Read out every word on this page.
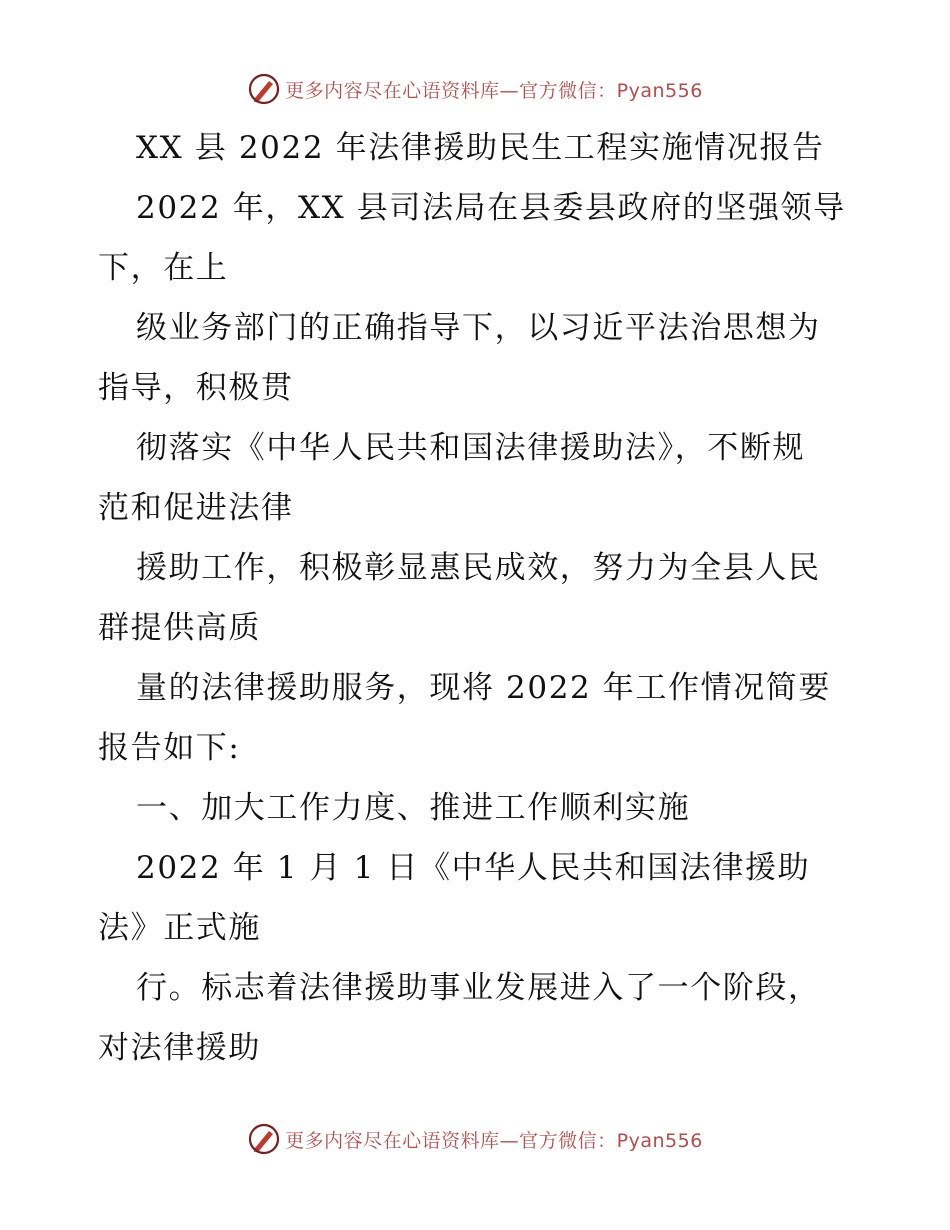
更多内容尽在心语资料库—官方微信：Pyan556
XX 县 2022 年法律援助民生工程实施情况报告
2022 年，XX 县司法局在县委县政府的坚强领导
下，在上
级业务部门的正确指导下，以习近平法治思想为
指导，积极贯
彻落实《中华人民共和国法律援助法》，不断规
范和促进法律
援助工作，积极彰显惠民成效，努力为全县人民
群提供高质
量的法律援助服务，现将 2022 年工作情况简要
报告如下:
一、加大工作力度、推进工作顺利实施
2022 年 1 月 1 日《中华人民共和国法律援助
法》正式施
行。标志着法律援助事业发展进入了一个阶段，
对法律援助
更多内容尽在心语资料库—官方微信：Pyan556
